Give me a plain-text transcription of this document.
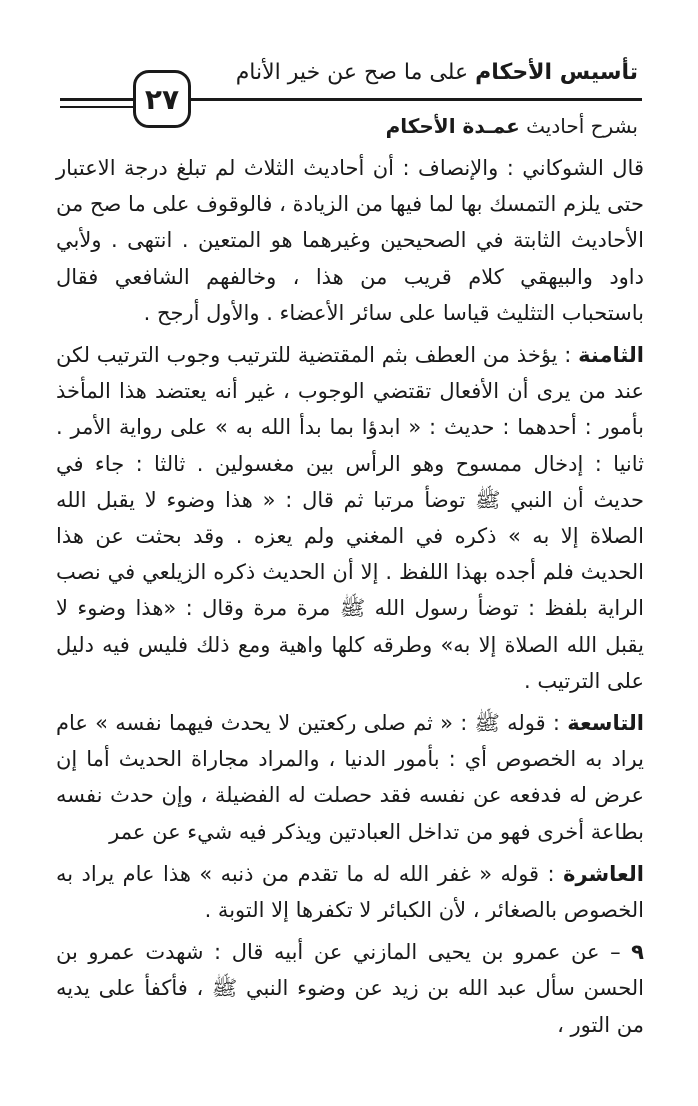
تأسيس الأحكام على ما صح عن خير الأنام
٢٧
بشرح أحاديث عمـدة الأحكام

قال الشوكاني : والإنصاف : أن أحاديث الثلاث لم تبلغ درجة الاعتبار حتى يلزم التمسك بها لما فيها من الزيادة ، فالوقوف على ما صح من الأحاديث الثابتة في الصحيحين وغيرهما هو المتعين . انتهى . ولأبي داود والبيهقي كلام قريب من هذا ، وخالفهم الشافعي فقال باستحباب التثليث قياسا على سائر الأعضاء . والأول أرجح .

الثامنة : يؤخذ من العطف بثم المقتضية للترتيب وجوب الترتيب لكن عند من يرى أن الأفعال تقتضي الوجوب ، غير أنه يعتضد هذا المأخذ بأمور : أحدهما : حديث : « ابدؤا بما بدأ الله به » على رواية الأمر . ثانيا : إدخال ممسوح وهو الرأس بين مغسولين . ثالثا : جاء في حديث أن النبي ﷺ توضأ مرتبا ثم قال : « هذا وضوء لا يقبل الله الصلاة إلا به » ذكره في المغني ولم يعزه . وقد بحثت عن هذا الحديث فلم أجده بهذا اللفظ . إلا أن الحديث ذكره الزيلعي في نصب الراية بلفظ : توضأ رسول الله ﷺ مرة مرة وقال : «هذا وضوء لا يقبل الله الصلاة إلا به» وطرقه كلها واهية ومع ذلك فليس فيه دليل على الترتيب .

التاسعة : قوله ﷺ : « ثم صلى ركعتين لا يحدث فيهما نفسه » عام يراد به الخصوص أي : بأمور الدنيا ، والمراد مجاراة الحديث أما إن عرض له فدفعه عن نفسه فقد حصلت له الفضيلة ، وإن حدث نفسه بطاعة أخرى فهو من تداخل العبادتين ويذكر فيه شيء عن عمر

العاشرة : قوله « غفر الله له ما تقدم من ذنبه » هذا عام يراد به الخصوص بالصغائر ، لأن الكبائر لا تكفرها إلا التوبة .

٩ – عن عمرو بن يحيى المازني عن أبيه قال : شهدت عمرو بن الحسن سأل عبد الله بن زيد عن وضوء النبي ﷺ ، فأكفأ على يديه من التور ،
